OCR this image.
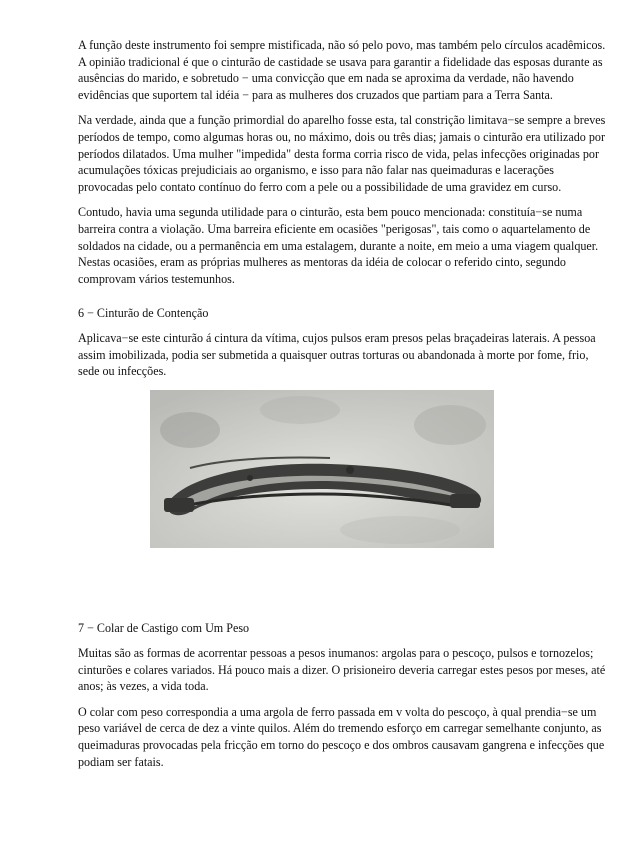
A função deste instrumento foi sempre mistificada, não só pelo povo, mas também pelo círculos acadêmicos. A opinião tradicional é que o cinturão de castidade se usava para garantir a fidelidade das esposas durante as ausências do marido, e sobretudo − uma convicção que em nada se aproxima da verdade, não havendo evidências que suportem tal idéia − para as mulheres dos cruzados que partiam para a Terra Santa.

Na verdade, ainda que a função primordial do aparelho fosse esta, tal constrição limitava−se sempre a breves períodos de tempo, como algumas horas ou, no máximo, dois ou três dias; jamais o cinturão era utilizado por períodos dilatados. Uma mulher "impedida" desta forma corria risco de vida, pelas infecções originadas por acumulações tóxicas prejudiciais ao organismo, e isso para não falar nas queimaduras e lacerações provocadas pelo contato contínuo do ferro com a pele ou a possibilidade de uma gravidez em curso.

Contudo, havia uma segunda utilidade para o cinturão, esta bem pouco mencionada: constituía−se numa barreira contra a violação. Uma barreira eficiente em ocasiões "perigosas", tais como o aquartelamento de soldados na cidade, ou a permanência em uma estalagem, durante a noite, em meio a uma viagem qualquer. Nestas ocasiões, eram as próprias mulheres as mentoras da idéia de colocar o referido cinto, segundo comprovam vários testemunhos.

6 − Cinturão de Contenção

Aplicava−se este cinturão á cintura da vítima, cujos pulsos eram presos pelas braçadeiras laterais. A pessoa assim imobilizada, podia ser submetida a quaisquer outras torturas ou abandonada à morte por fome, frio, sede ou infecções.

7 − Colar de Castigo com Um Peso

Muitas são as formas de acorrentar pessoas a pesos inumanos: argolas para o pescoço, pulsos e tornozelos; cinturões e colares variados. Há pouco mais a dizer. O prisioneiro deveria carregar estes pesos por meses, até anos; às vezes, a vida toda.

O colar com peso correspondia a uma argola de ferro passada em v volta do pescoço, à qual prendia−se um peso variável de cerca de dez a vinte quilos. Além do tremendo esforço em carregar semelhante conjunto, as queimaduras provocadas pela fricção em torno do pescoço e dos ombros causavam gangrena e infecções que podiam ser fatais.
